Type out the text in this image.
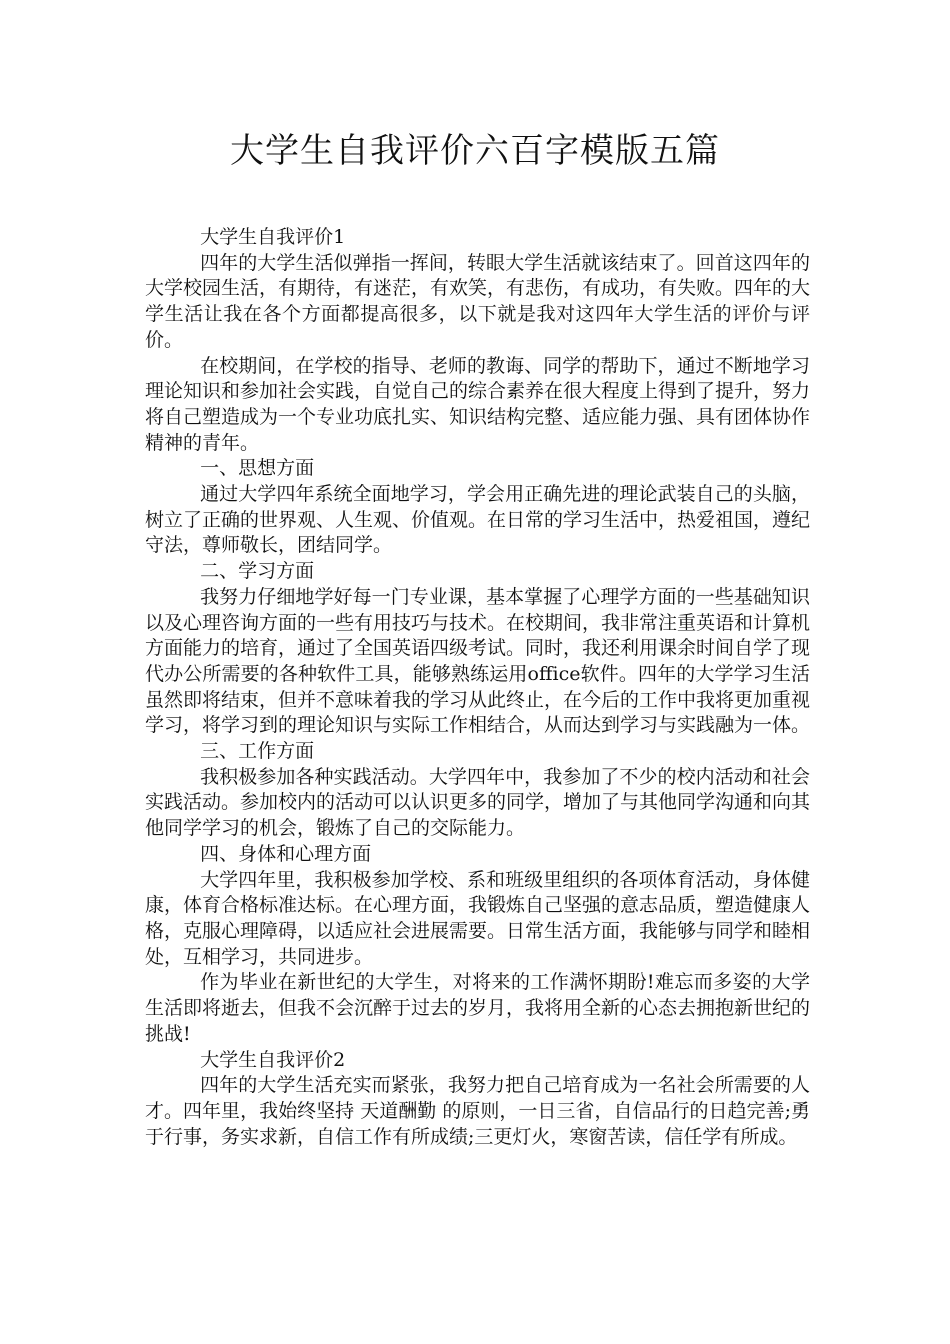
大学生自我评价六百字模版五篇

大学生自我评价1

四年的大学生活似弹指一挥间，转眼大学生活就该结束了。回首这四年的大学校园生活，有期待，有迷茫，有欢笑，有悲伤，有成功，有失败。四年的大学生活让我在各个方面都提高很多，以下就是我对这四年大学生活的评价与评价。

在校期间，在学校的指导、老师的教诲、同学的帮助下，通过不断地学习理论知识和参加社会实践，自觉自己的综合素养在很大程度上得到了提升，努力将自己塑造成为一个专业功底扎实、知识结构完整、适应能力强、具有团体协作精神的青年。

一、思想方面

通过大学四年系统全面地学习，学会用正确先进的理论武装自己的头脑，树立了正确的世界观、人生观、价值观。在日常的学习生活中，热爱祖国，遵纪守法，尊师敬长，团结同学。

二、学习方面

我努力仔细地学好每一门专业课，基本掌握了心理学方面的一些基础知识以及心理咨询方面的一些有用技巧与技术。在校期间，我非常注重英语和计算机方面能力的培育，通过了全国英语四级考试。同时，我还利用课余时间自学了现代办公所需要的各种软件工具，能够熟练运用office软件。四年的大学学习生活虽然即将结束，但并不意味着我的学习从此终止，在今后的工作中我将更加重视学习，将学习到的理论知识与实际工作相结合，从而达到学习与实践融为一体。

三、工作方面

我积极参加各种实践活动。大学四年中，我参加了不少的校内活动和社会实践活动。参加校内的活动可以认识更多的同学，增加了与其他同学沟通和向其他同学学习的机会，锻炼了自己的交际能力。

四、身体和心理方面

大学四年里，我积极参加学校、系和班级里组织的各项体育活动，身体健康，体育合格标准达标。在心理方面，我锻炼自己坚强的意志品质，塑造健康人格，克服心理障碍，以适应社会进展需要。日常生活方面，我能够与同学和睦相处，互相学习，共同进步。

作为毕业在新世纪的大学生，对将来的工作满怀期盼!难忘而多姿的大学生活即将逝去，但我不会沉醉于过去的岁月，我将用全新的心态去拥抱新世纪的挑战!

大学生自我评价2

四年的大学生活充实而紧张，我努力把自己培育成为一名社会所需要的人才。四年里，我始终坚持 天道酬勤 的原则，一日三省，自信品行的日趋完善;勇于行事，务实求新，自信工作有所成绩;三更灯火，寒窗苦读，信任学有所成。
